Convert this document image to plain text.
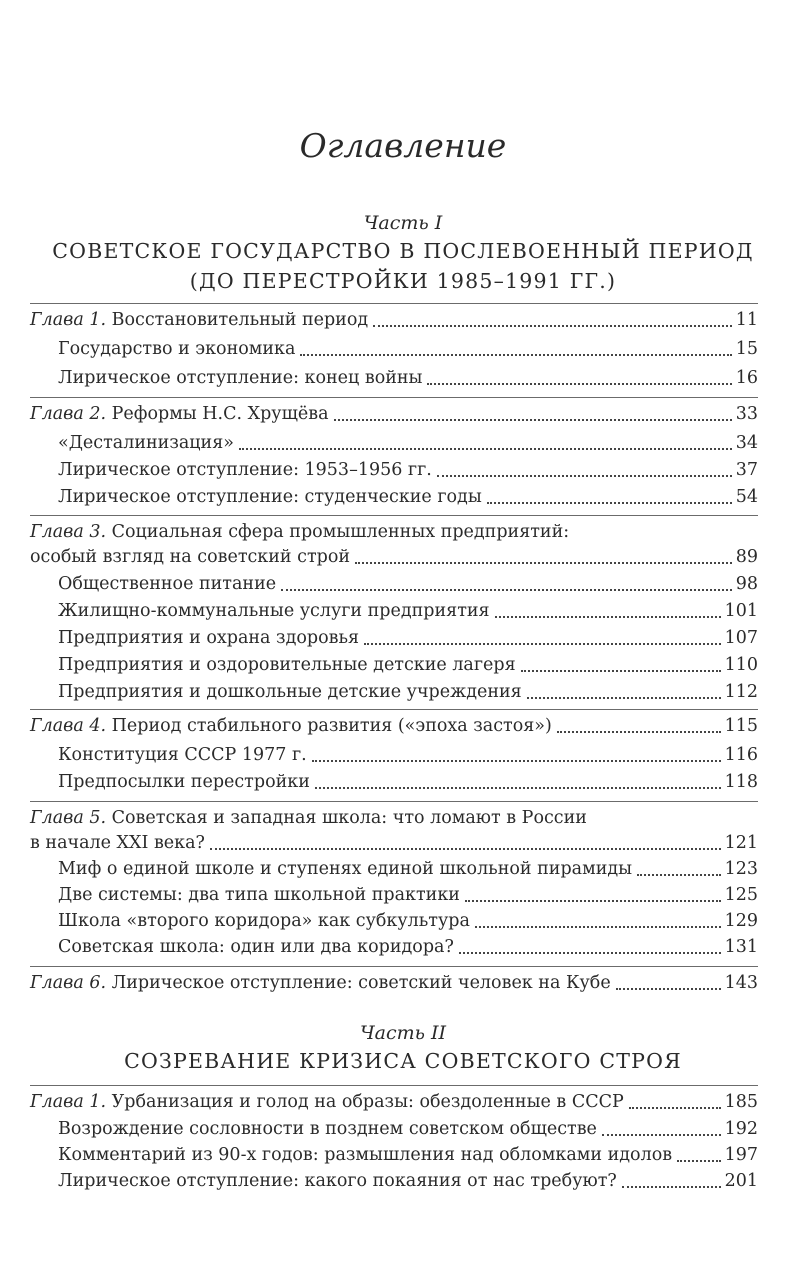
Оглавление
Часть I
СОВЕТСКОЕ ГОСУДАРСТВО В ПОСЛЕВОЕННЫЙ ПЕРИОД
(ДО ПЕРЕСТРОЙКИ 1985–1991 ГГ.)
Глава 1. Восстановительный период	11
Государство и экономика	15
Лирическое отступление: конец войны	16
Глава 2. Реформы Н.С. Хрущёва	33
«Десталинизация»	34
Лирическое отступление: 1953–1956 гг.	37
Лирическое отступление: студенческие годы	54
Глава 3. Социальная сфера промышленных предприятий:
особый взгляд на советский строй	89
Общественное питание	98
Жилищно-коммунальные услуги предприятия	101
Предприятия и охрана здоровья	107
Предприятия и оздоровительные детские лагеря	110
Предприятия и дошкольные детские учреждения	112
Глава 4. Период стабильного развития («эпоха застоя»)	115
Конституция СССР 1977 г.	116
Предпосылки перестройки	118
Глава 5. Советская и западная школа: что ломают в России
в начале XXI века?	121
Миф о единой школе и ступенях единой школьной пирамиды	123
Две системы: два типа школьной практики	125
Школа «второго коридора» как субкультура	129
Советская школа: один или два коридора?	131
Глава 6. Лирическое отступление: советский человек на Кубе	143
Часть II
СОЗРЕВАНИЕ КРИЗИСА СОВЕТСКОГО СТРОЯ
Глава 1. Урбанизация и голод на образы: обездоленные в СССР	185
Возрождение сословности в позднем советском обществе	192
Комментарий из 90-х годов: размышления над обломками идолов	197
Лирическое отступление: какого покаяния от нас требуют?	201
